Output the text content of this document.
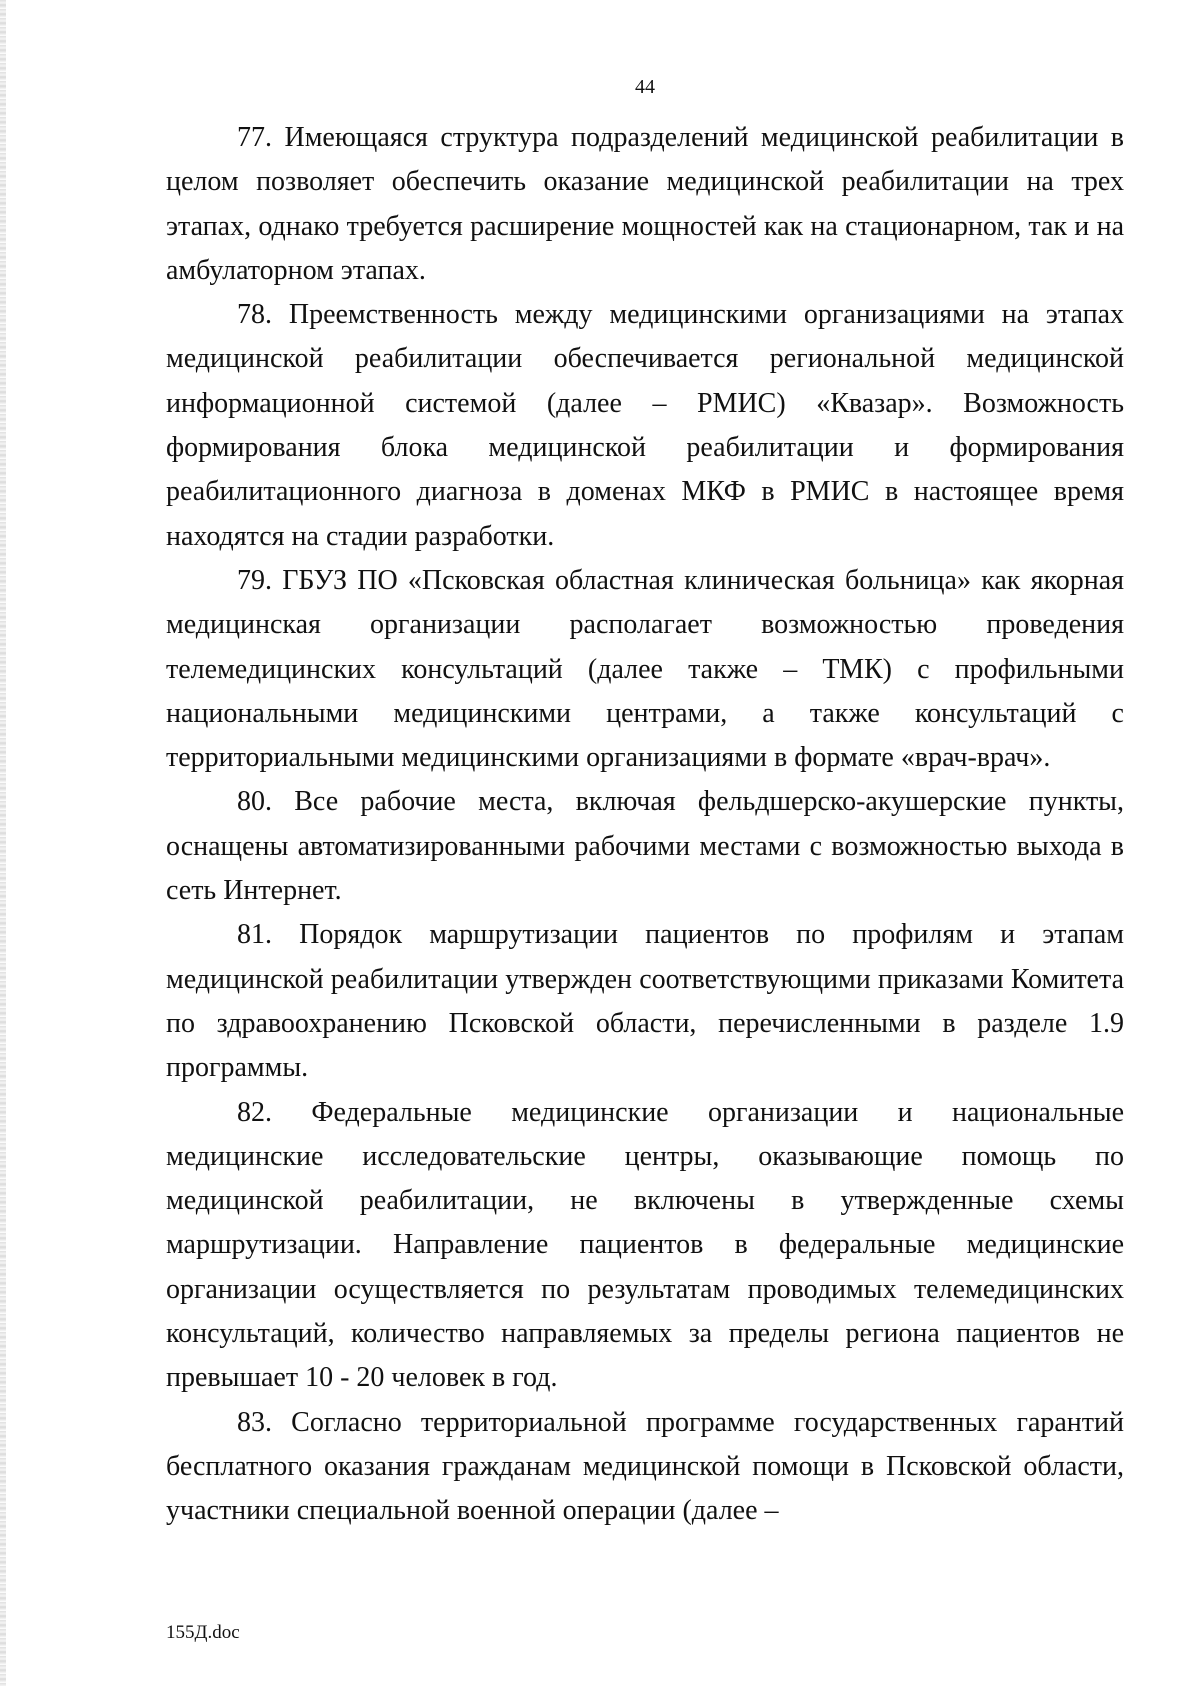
44

77. Имеющаяся структура подразделений медицинской реабилитации в целом позволяет обеспечить оказание медицинской реабилитации на трех этапах, однако требуется расширение мощностей как на стационарном, так и на амбулаторном этапах.

78. Преемственность между медицинскими организациями на этапах медицинской реабилитации обеспечивается региональной медицинской информационной системой (далее – РМИС) «Квазар». Возможность формирования блока медицинской реабилитации и формирования реабилитационного диагноза в доменах МКФ в РМИС в настоящее время находятся на стадии разработки.

79. ГБУЗ ПО «Псковская областная клиническая больница» как якорная медицинская организации располагает возможностью проведения телемедицинских консультаций (далее также – ТМК) с профильными национальными медицинскими центрами, а также консультаций с территориальными медицинскими организациями в формате «врач-врач».

80. Все рабочие места, включая фельдшерско-акушерские пункты, оснащены автоматизированными рабочими местами с возможностью выхода в сеть Интернет.

81. Порядок маршрутизации пациентов по профилям и этапам медицинской реабилитации утвержден соответствующими приказами Комитета по здравоохранению Псковской области, перечисленными в разделе 1.9 программы.

82. Федеральные медицинские организации и национальные медицинские исследовательские центры, оказывающие помощь по медицинской реабилитации, не включены в утвержденные схемы маршрутизации. Направление пациентов в федеральные медицинские организации осуществляется по результатам проводимых телемедицинских консультаций, количество направляемых за пределы региона пациентов не превышает 10 - 20 человек в год.

83. Согласно территориальной программе государственных гарантий бесплатного оказания гражданам медицинской помощи в Псковской области, участники специальной военной операции (далее –

155Д.doc
